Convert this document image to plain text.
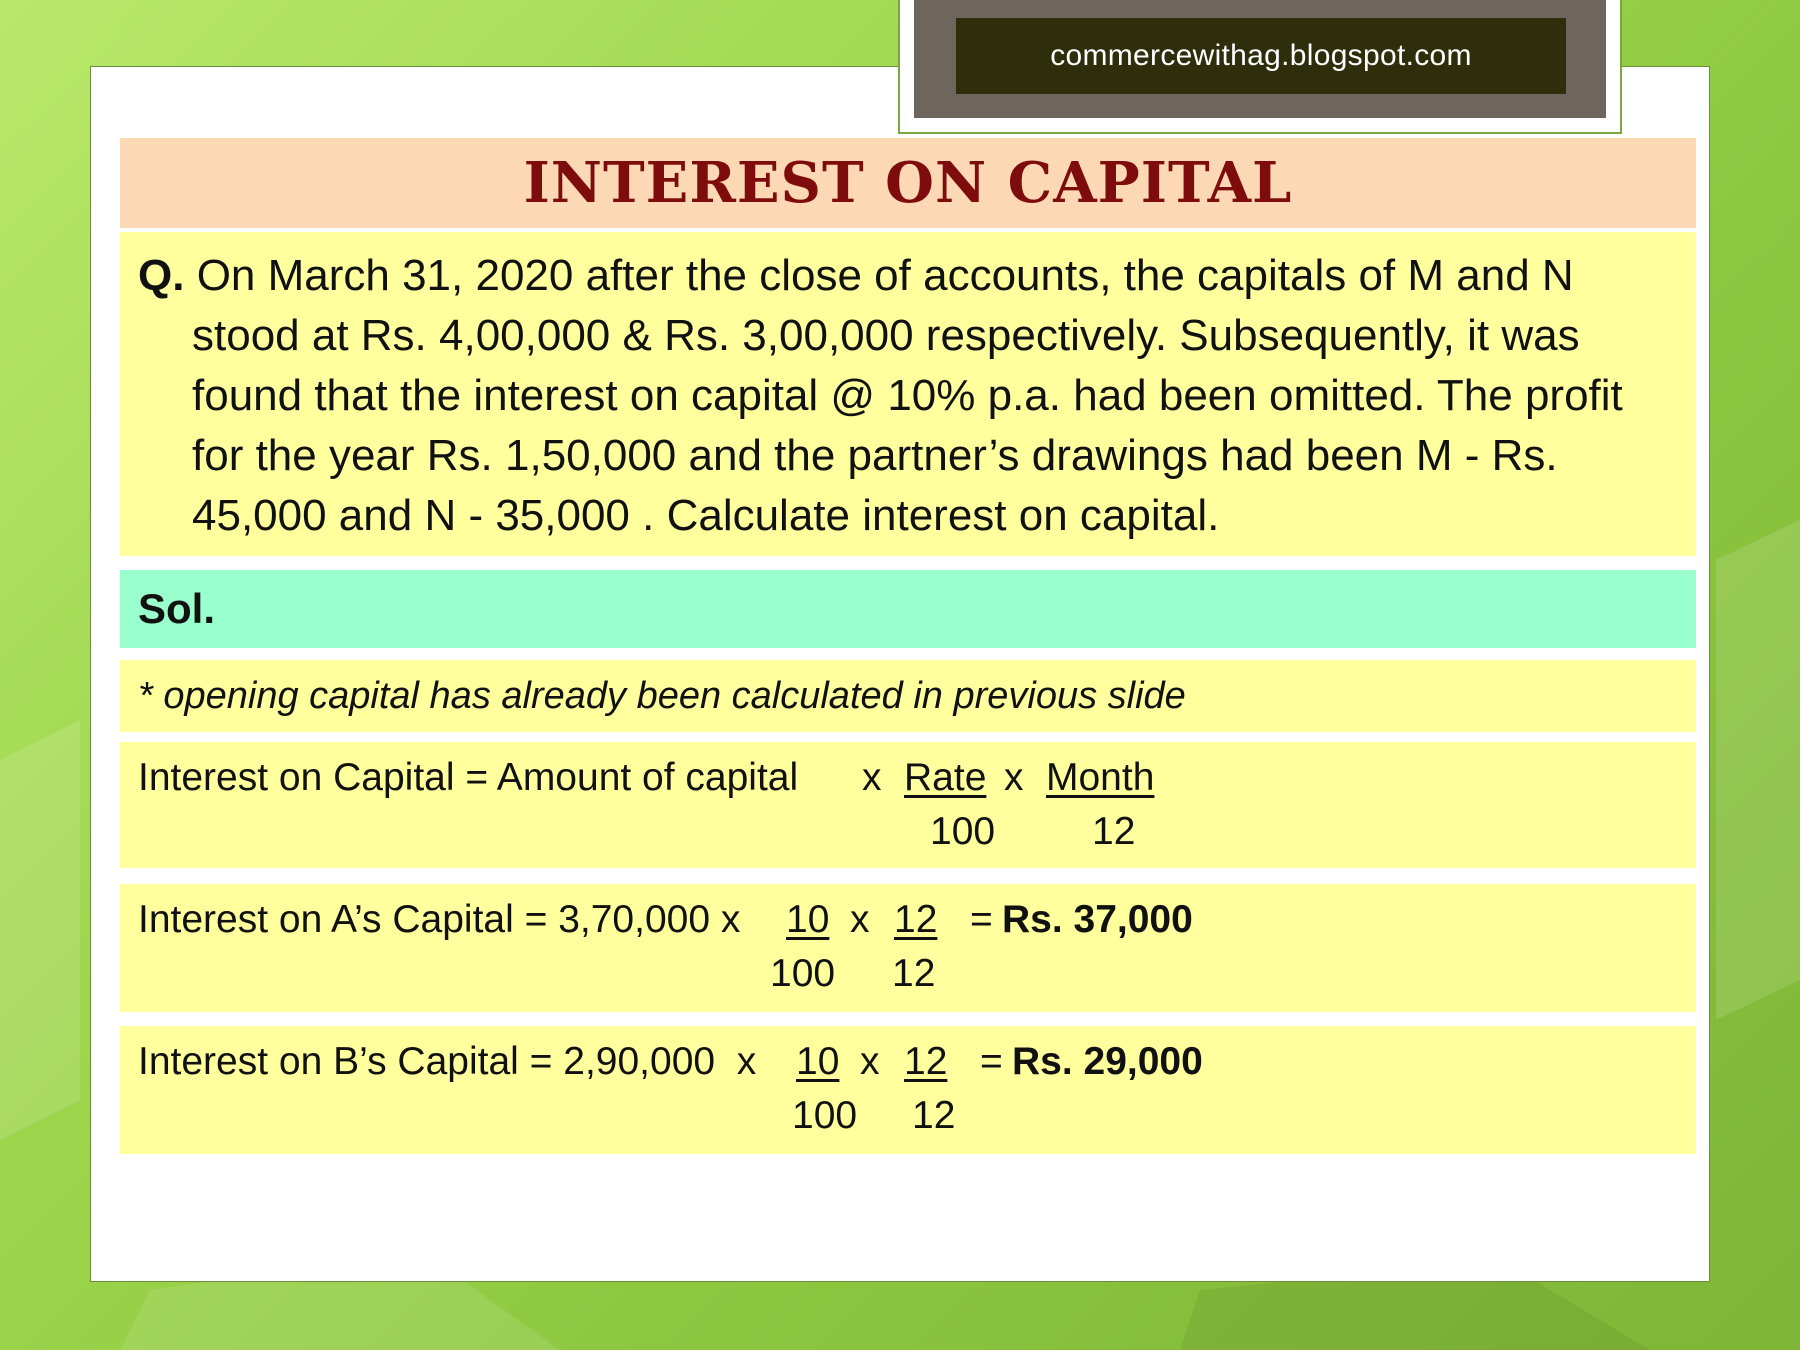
commercewithag.blogspot.com
INTEREST ON CAPITAL
Q. On March 31, 2020 after the close of accounts, the capitals of M and N stood at Rs. 4,00,000 & Rs. 3,00,000 respectively. Subsequently, it was found that the interest on capital @ 10% p.a. had been omitted. The profit for the year Rs. 1,50,000 and the partner’s drawings had been M - Rs. 45,000 and N - 35,000 . Calculate interest on capital.
Sol.
* opening capital has already been calculated in previous slide
Interest on Capital = Amount of capital x Rate x Month
100 12
Interest on A’s Capital = 3,70,000 x 10 x 12 = Rs. 37,000
100 12
Interest on B’s Capital = 2,90,000  x 10 x 12 = Rs. 29,000
100 12
